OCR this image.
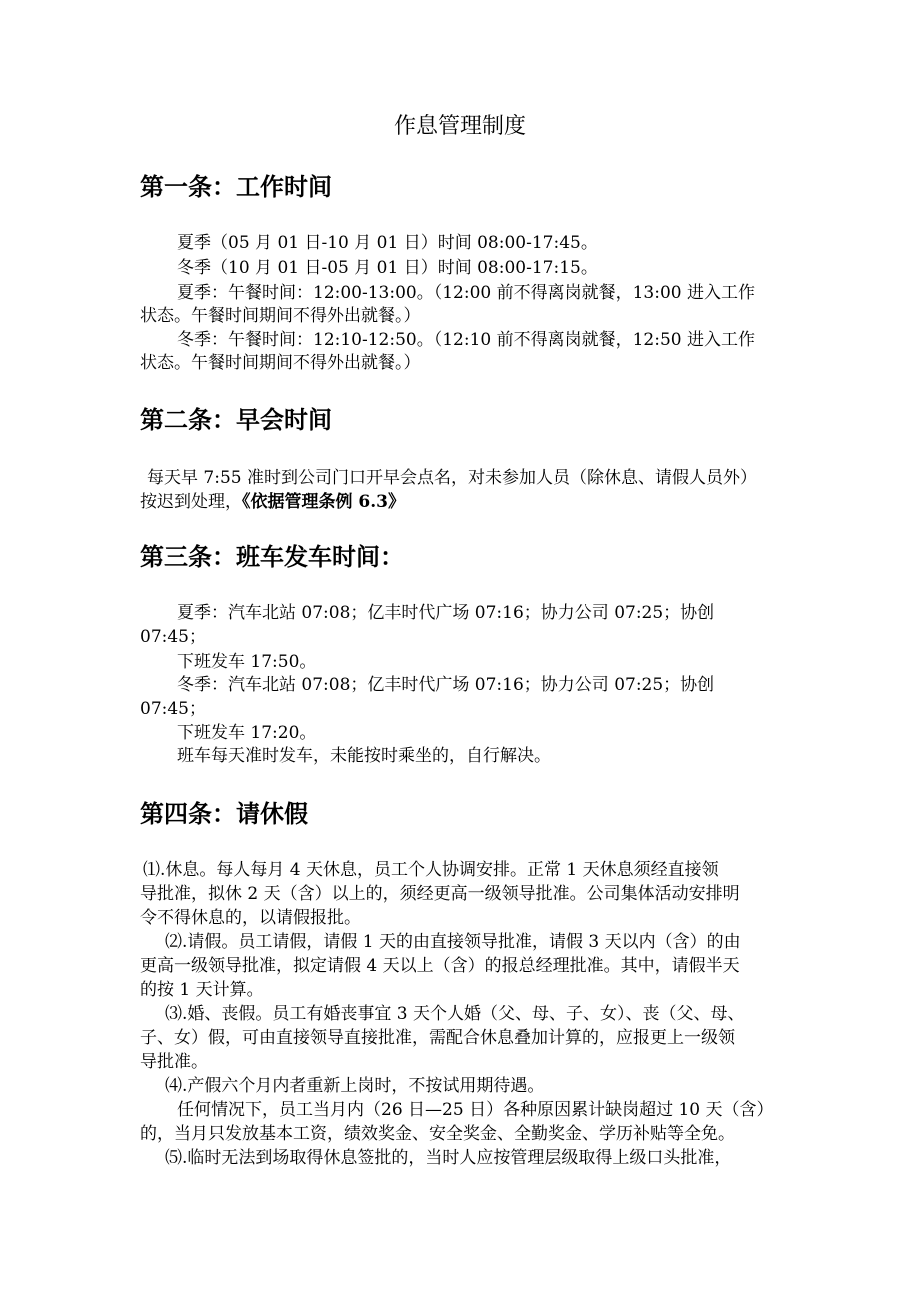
作息管理制度
第一条：工作时间
夏季（05 月 01 日-10 月 01 日）时间 08:00-17:45。
冬季（10 月 01 日-05 月 01 日）时间 08:00-17:15。
夏季：午餐时间：12:00-13:00。（12:00 前不得离岗就餐，13:00 进入工作
状态。午餐时间期间不得外出就餐。）
冬季：午餐时间：12:10-12:50。（12:10 前不得离岗就餐，12:50 进入工作
状态。午餐时间期间不得外出就餐。）
第二条：早会时间
每天早 7:55 准时到公司门口开早会点名，对未参加人员（除休息、请假人员外）
按迟到处理，《依据管理条例 6.3》
第三条：班车发车时间：
夏季：汽车北站 07:08；亿丰时代广场 07:16；协力公司 07:25；协创
07:45；
下班发车 17:50。
冬季：汽车北站 07:08；亿丰时代广场 07:16；协力公司 07:25；协创
07:45；
下班发车 17:20。
班车每天准时发车，未能按时乘坐的，自行解决。
第四条：请休假
⑴.休息。每人每月 4 天休息，员工个人协调安排。正常 1 天休息须经直接领
导批准，拟休 2 天（含）以上的，须经更高一级领导批准。公司集体活动安排明
令不得休息的，以请假报批。
⑵.请假。员工请假，请假 1 天的由直接领导批准，请假 3 天以内（含）的由
更高一级领导批准，拟定请假 4 天以上（含）的报总经理批准。其中，请假半天
的按 1 天计算。
⑶.婚、丧假。员工有婚丧事宜 3 天个人婚（父、母、子、女）、丧（父、母、
子、女）假，可由直接领导直接批准，需配合休息叠加计算的，应报更上一级领
导批准。
⑷.产假六个月内者重新上岗时，不按试用期待遇。
任何情况下，员工当月内（26 日—25 日）各种原因累计缺岗超过 10 天（含）
的，当月只发放基本工资，绩效奖金、安全奖金、全勤奖金、学历补贴等全免。
⑸.临时无法到场取得休息签批的，当时人应按管理层级取得上级口头批准，
